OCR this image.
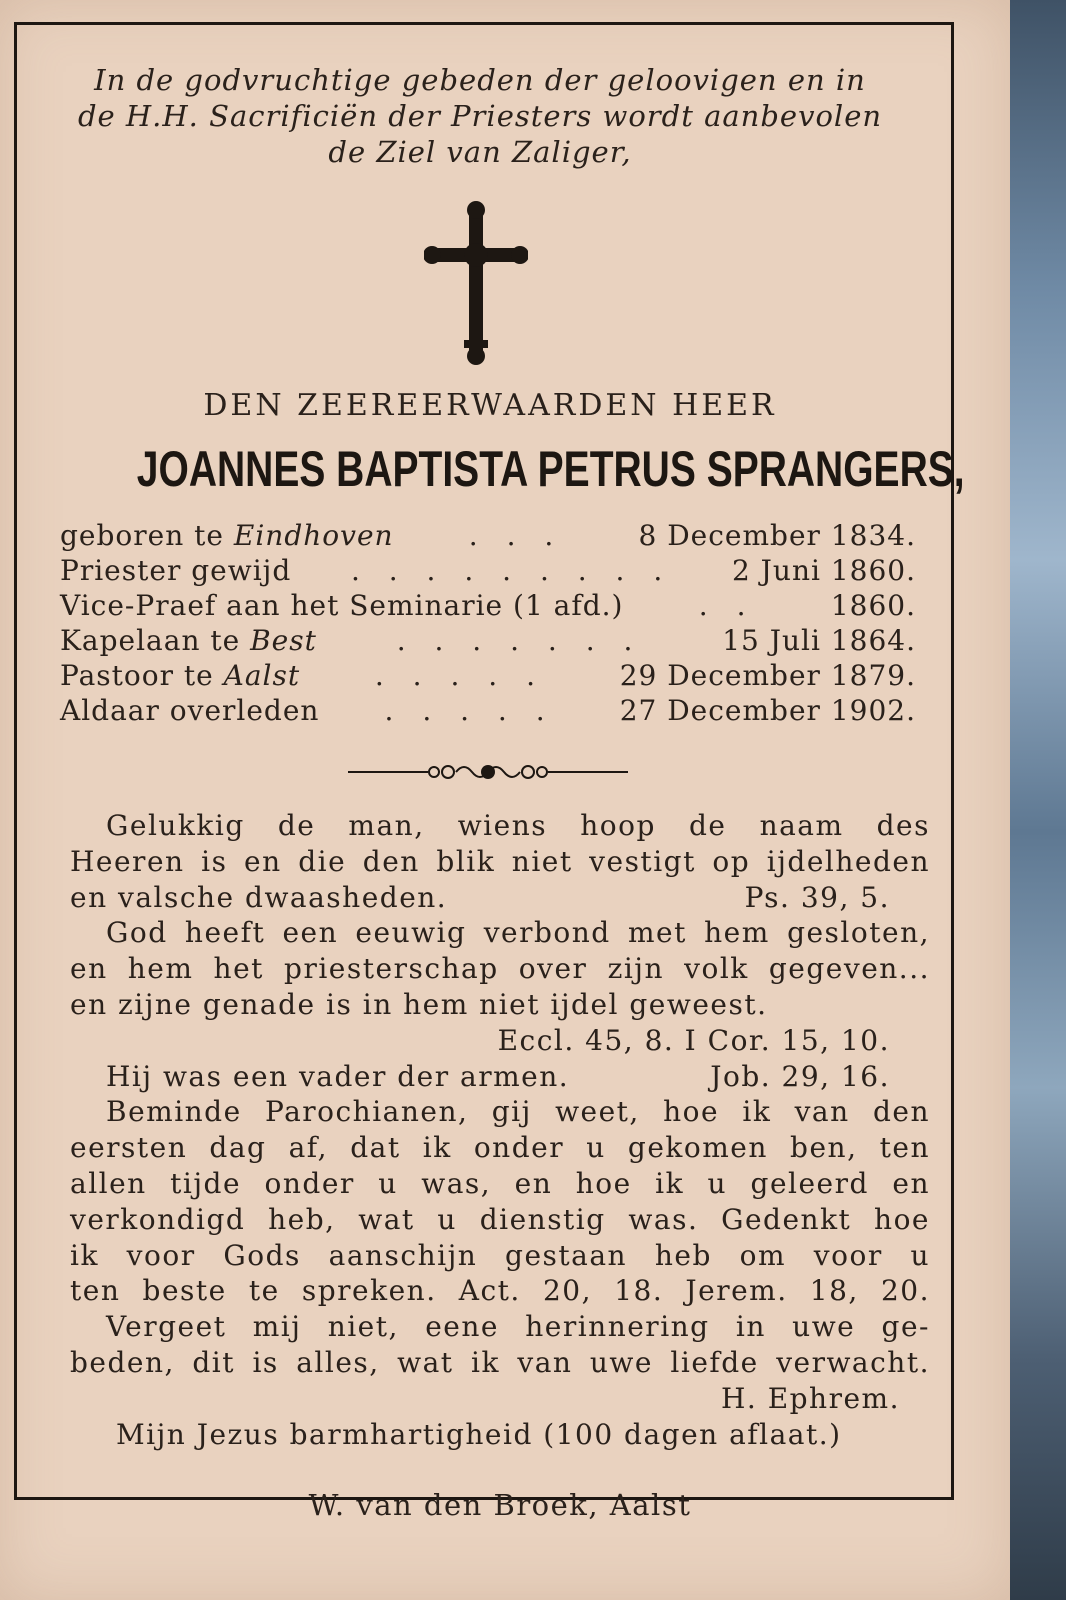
In de godvruchtige gebeden der geloovigen en in
de H.H. Sacrificiën der Priesters wordt aanbevolen
de Ziel van Zaliger,
DEN ZEEREERWAARDEN HEER
JOANNES BAPTISTA PETRUS SPRANGERS,
geboren te Eindhoven	. . .	8 December 1834.
Priester gewijd	. . . . . . . . .	2 Juni 1860.
Vice-Praef aan het Seminarie (1 afd.)	. .	1860.
Kapelaan te Best	. . . . . . .	15 Juli 1864.
Pastoor te Aalst	. . . . .	29 December 1879.
Aldaar overleden	. . . . .	27 December 1902.
Gelukkig de man, wiens hoop de naam des
Heeren is en die den blik niet vestigt op ijdelheden
en valsche dwaasheden.	Ps. 39, 5.
God heeft een eeuwig verbond met hem gesloten,
en hem het priesterschap over zijn volk gegeven...
en zijne genade is in hem niet ijdel geweest.
Eccl. 45, 8. I Cor. 15, 10.
Hij was een vader der armen.	Job. 29, 16.
Beminde Parochianen, gij weet, hoe ik van den
eersten dag af, dat ik onder u gekomen ben, ten
allen tijde onder u was, en hoe ik u geleerd en
verkondigd heb, wat u dienstig was. Gedenkt hoe
ik voor Gods aanschijn gestaan heb om voor u
ten beste te spreken. Act. 20, 18. Jerem. 18, 20.
Vergeet mij niet, eene herinnering in uwe ge-
beden, dit is alles, wat ik van uwe liefde verwacht.
H. Ephrem.
Mijn Jezus barmhartigheid (100 dagen aflaat.)
W. van den Broek, Aalst
